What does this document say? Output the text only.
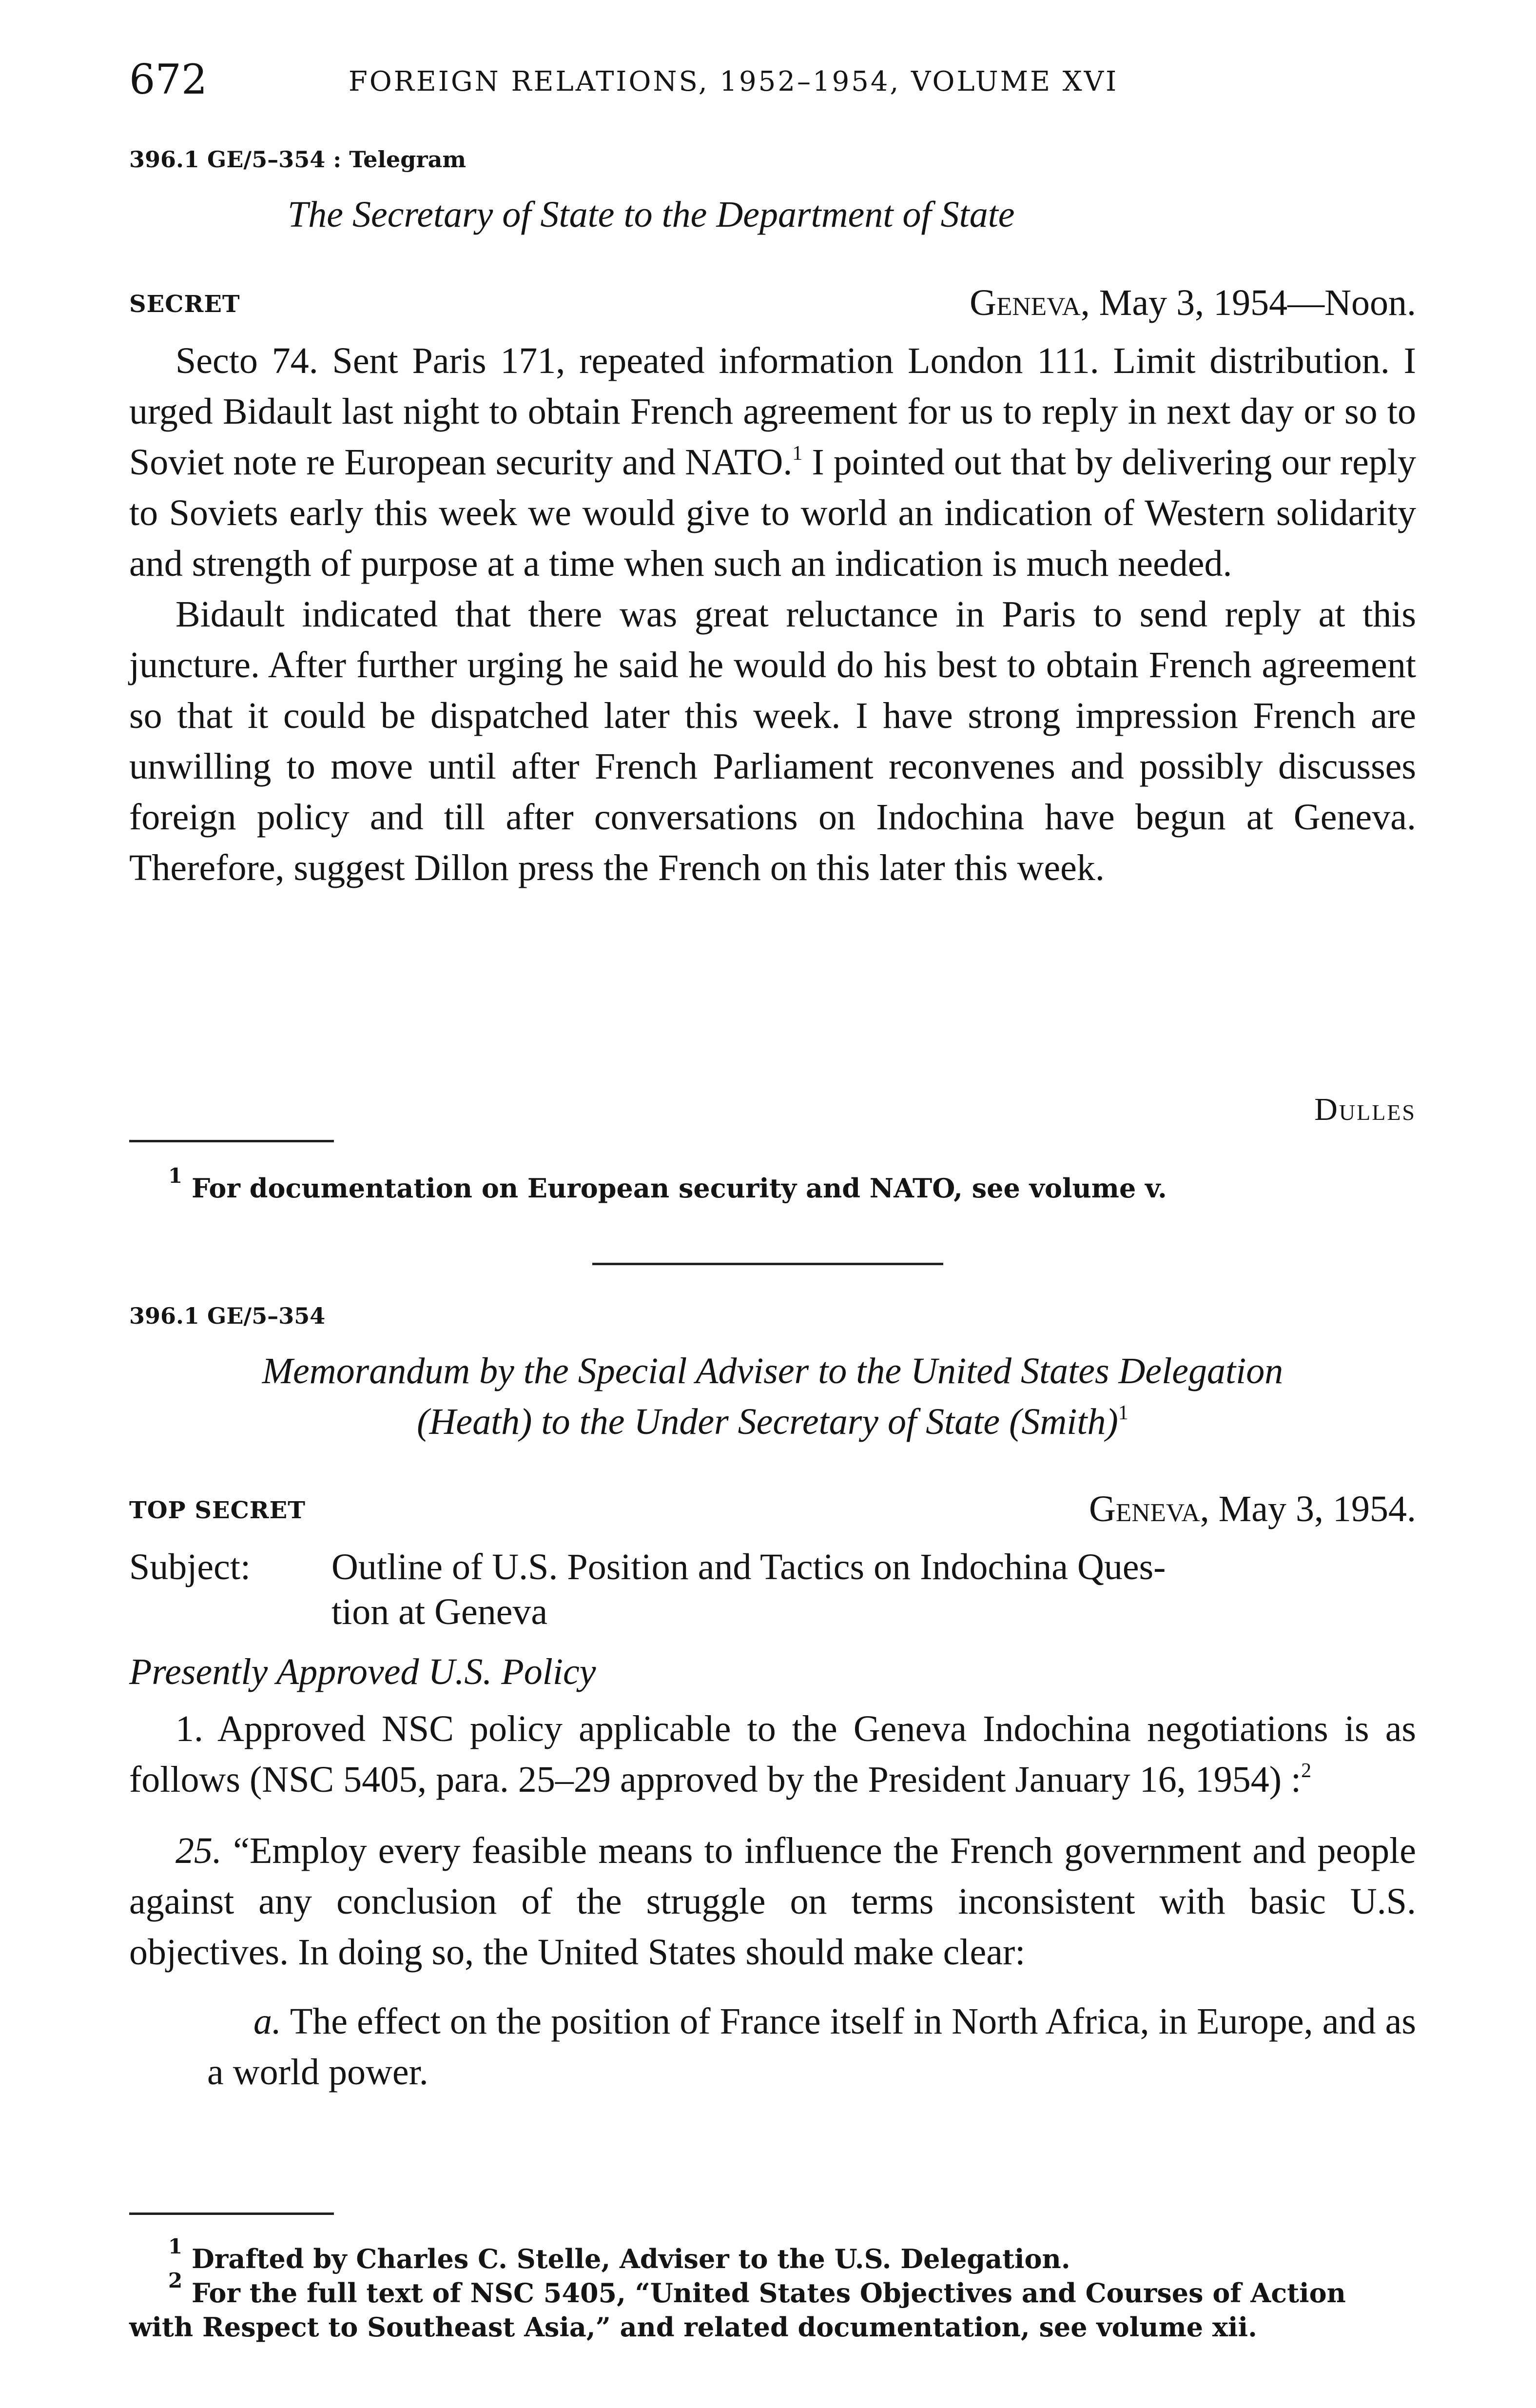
672	FOREIGN RELATIONS, 1952–1954, VOLUME XVI
396.1 GE/5–354 : Telegram
The Secretary of State to the Department of State
SECRET	Geneva, May 3, 1954—Noon.

Secto 74. Sent Paris 171, repeated information London 111. Limit distribution. I urged Bidault last night to obtain French agreement for us to reply in next day or so to Soviet note re European security and NATO.$^1$ I pointed out that by delivering our reply to Soviets early this week we would give to world an indication of Western solidarity and strength of purpose at a time when such an indication is much needed.

Bidault indicated that there was great reluctance in Paris to send reply at this juncture. After further urging he said he would do his best to obtain French agreement so that it could be dispatched later this week. I have strong impression French are unwilling to move until after French Parliament reconvenes and possibly discusses foreign policy and till after conversations on Indochina have begun at Geneva. Therefore, suggest Dillon press the French on this later this week.

Dulles

$^1$ For documentation on European security and NATO, see volume v.

396.1 GE/5–354
Memorandum by the Special Adviser to the United States Delegation
(Heath) to the Under Secretary of State (Smith)$^1$
TOP SECRET	Geneva, May 3, 1954.
Subject: Outline of U.S. Position and Tactics on Indochina Ques-
tion at Geneva
Presently Approved U.S. Policy

1. Approved NSC policy applicable to the Geneva Indochina negotiations is as follows (NSC 5405, para. 25–29 approved by the President January 16, 1954) :$^2$

25. “Employ every feasible means to influence the French government and people against any conclusion of the struggle on terms inconsistent with basic U.S. objectives. In doing so, the United States should make clear:

a. The effect on the position of France itself in North Africa, in Europe, and as a world power.

$^1$ Drafted by Charles C. Stelle, Adviser to the U.S. Delegation.

$^2$ For the full text of NSC 5405, “United States Objectives and Courses of Action with Respect to Southeast Asia,” and related documentation, see volume xii.
